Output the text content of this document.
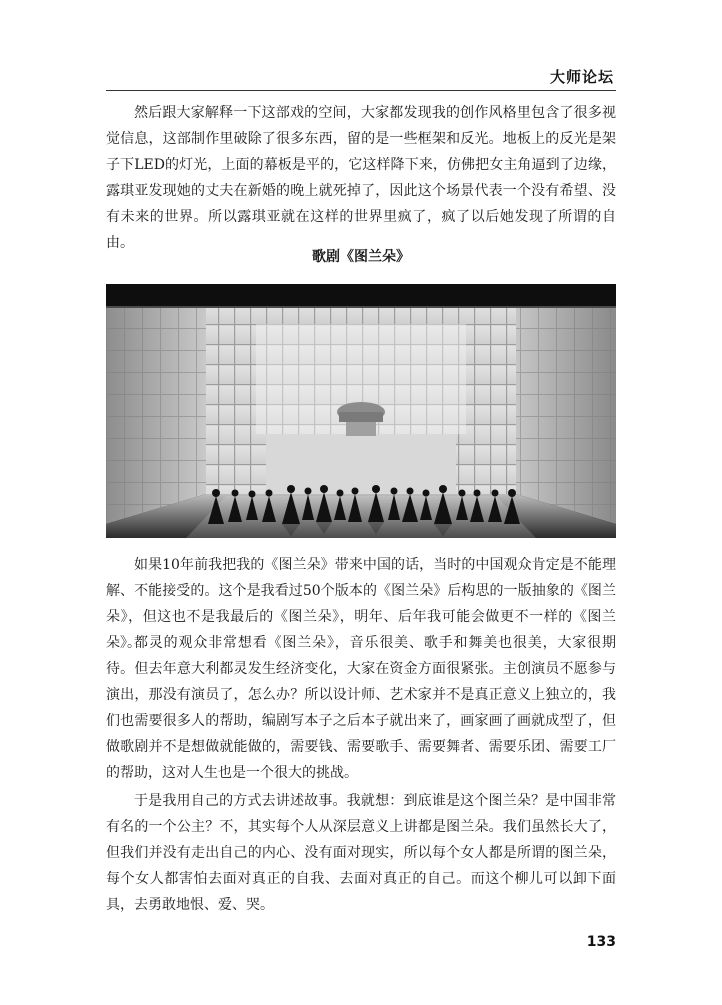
大师论坛

然后跟大家解释一下这部戏的空间，大家都发现我的创作风格里包含了很多视觉信息，这部制作里破除了很多东西，留的是一些框架和反光。地板上的反光是架子下LED的灯光，上面的幕板是平的，它这样降下来，仿佛把女主角逼到了边缘，露琪亚发现她的丈夫在新婚的晚上就死掉了，因此这个场景代表一个没有希望、没有未来的世界。所以露琪亚就在这样的世界里疯了，疯了以后她发现了所谓的自由。

歌剧《图兰朵》

如果10年前我把我的《图兰朵》带来中国的话，当时的中国观众肯定是不能理解、不能接受的。这个是我看过50个版本的《图兰朵》后构思的一版抽象的《图兰朵》，但这也不是我最后的《图兰朵》，明年、后年我可能会做更不一样的《图兰朵》。

都灵的观众非常想看《图兰朵》，音乐很美、歌手和舞美也很美，大家很期待。但去年意大利都灵发生经济变化，大家在资金方面很紧张。主创演员不愿参与演出，那没有演员了，怎么办？所以设计师、艺术家并不是真正意义上独立的，我们也需要很多人的帮助，编剧写本子之后本子就出来了，画家画了画就成型了，但做歌剧并不是想做就能做的，需要钱、需要歌手、需要舞者、需要乐团、需要工厂的帮助，这对人生也是一个很大的挑战。

于是我用自己的方式去讲述故事。我就想：到底谁是这个图兰朵？是中国非常有名的一个公主？不，其实每个人从深层意义上讲都是图兰朵。我们虽然长大了，但我们并没有走出自己的内心、没有面对现实，所以每个女人都是所谓的图兰朵，每个女人都害怕去面对真正的自我、去面对真正的自己。而这个柳儿可以卸下面具，去勇敢地恨、爱、哭。

133
